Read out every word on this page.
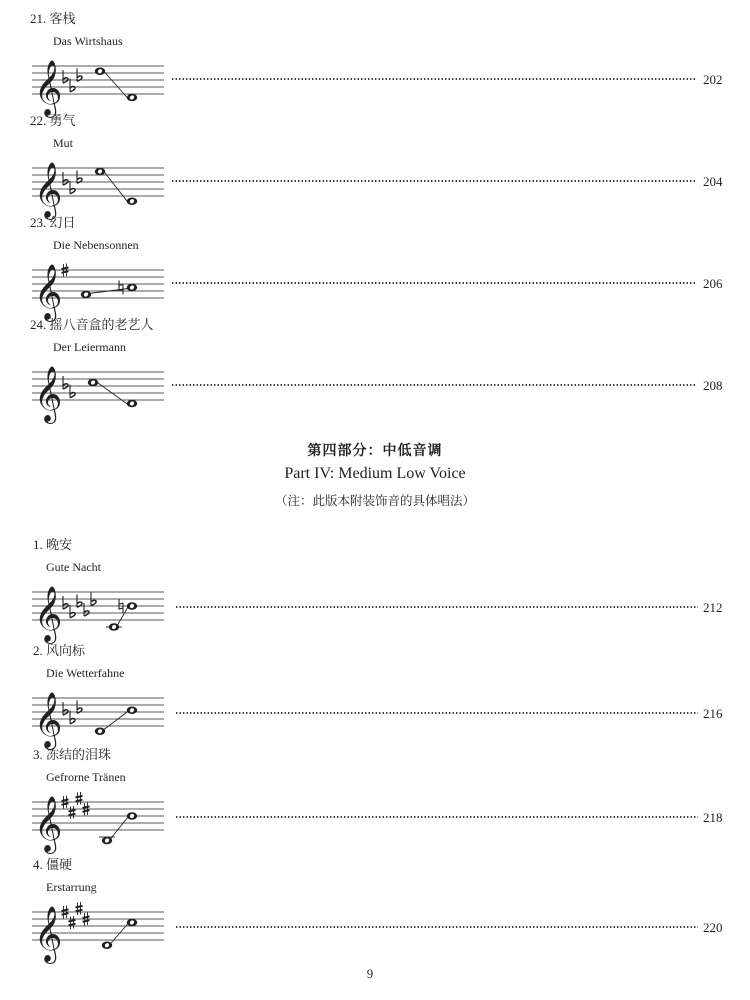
21. 客栈
Das Wirtshaus
𝄞	202
22. 勇气
Mut
𝄞	204
23. 幻日
Die Nebensonnen
𝄞	206
24. 摇八音盒的老艺人
Der Leiermann
𝄞	208
第四部分：中低音调
Part IV: Medium Low Voice
（注：此版本附装饰音的具体唱法）
1. 晚安
Gute Nacht
𝄞	212
2. 风向标
Die Wetterfahne
𝄞	216
3. 冻结的泪珠
Gefrorne Tränen
𝄞	218
4. 僵硬
Erstarrung
𝄞	220
9
